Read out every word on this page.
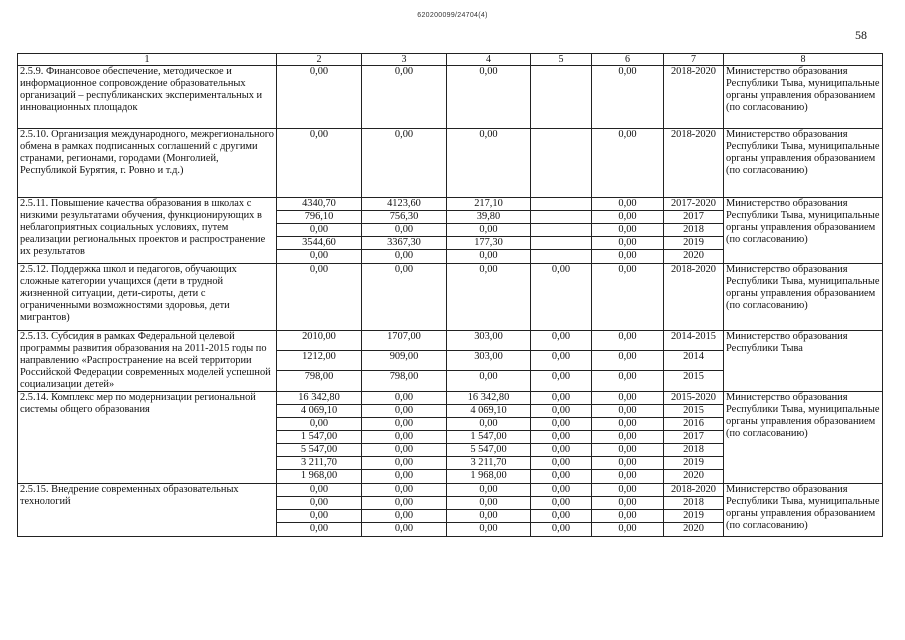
620200099/24704(4)
58
1	2	3	4	5	6	7	8
2.5.9. Финансовое обеспечение, методическое и информационное сопровождение образовательных организаций – республиканских экспериментальных и инновационных площадок	0,00	0,00	0,00		0,00	2018-2020	Министерство образования Республики Тыва, муниципальные органы управления образованием (по согласованию)
2.5.10. Организация международного, межрегионального обмена в рамках подписанных соглашений с другими странами, регионами, городами (Монголией, Республикой Бурятия, г. Ровно и т.д.)	0,00	0,00	0,00		0,00	2018-2020	Министерство образования Республики Тыва, муниципальные органы управления образованием (по согласованию)
2.5.11. Повышение качества образования в школах с низкими результатами обучения, функционирующих в неблагоприятных социальных условиях, путем реализации региональных проектов и распространение их результатов	4340,70	4123,60	217,10		0,00	2017-2020	Министерство образования Республики Тыва, муниципальные органы управления образованием (по согласованию)
	796,10	756,30	39,80		0,00	2017	
	0,00	0,00	0,00		0,00	2018	
	3544,60	3367,30	177,30		0,00	2019	
	0,00	0,00	0,00		0,00	2020	
2.5.12. Поддержка школ и педагогов, обучающих сложные категории учащихся (дети в трудной жизненной ситуации, дети-сироты, дети с ограниченными возможностями здоровья, дети мигрантов)	0,00	0,00	0,00	0,00	0,00	2018-2020	Министерство образования Республики Тыва, муниципальные органы управления образованием (по согласованию)
2.5.13. Субсидия в рамках Федеральной целевой программы развития образования на 2011-2015 годы по направлению «Распространение на всей территории Российской Федерации современных моделей успешной социализации детей»	2010,00	1707,00	303,00	0,00	0,00	2014-2015	Министерство образования Республики Тыва
	1212,00	909,00	303,00	0,00	0,00	2014	
	798,00	798,00	0,00	0,00	0,00	2015	
2.5.14. Комплекс мер по модернизации региональной системы общего образования	16 342,80	0,00	16 342,80	0,00	0,00	2015-2020	Министерство образования Республики Тыва, муниципальные органы управления образованием (по согласованию)
	4 069,10	0,00	4 069,10	0,00	0,00	2015	
	0,00	0,00	0,00	0,00	0,00	2016	
	1 547,00	0,00	1 547,00	0,00	0,00	2017	
	5 547,00	0,00	5 547,00	0,00	0,00	2018	
	3 211,70	0,00	3 211,70	0,00	0,00	2019	
	1 968,00	0,00	1 968,00	0,00	0,00	2020	
2.5.15. Внедрение современных образовательных технологий	0,00	0,00	0,00	0,00	0,00	2018-2020	Министерство образования Республики Тыва, муниципальные органы управления образованием (по согласованию)
	0,00	0,00	0,00	0,00	0,00	2018	
	0,00	0,00	0,00	0,00	0,00	2019	
	0,00	0,00	0,00	0,00	0,00	2020	
